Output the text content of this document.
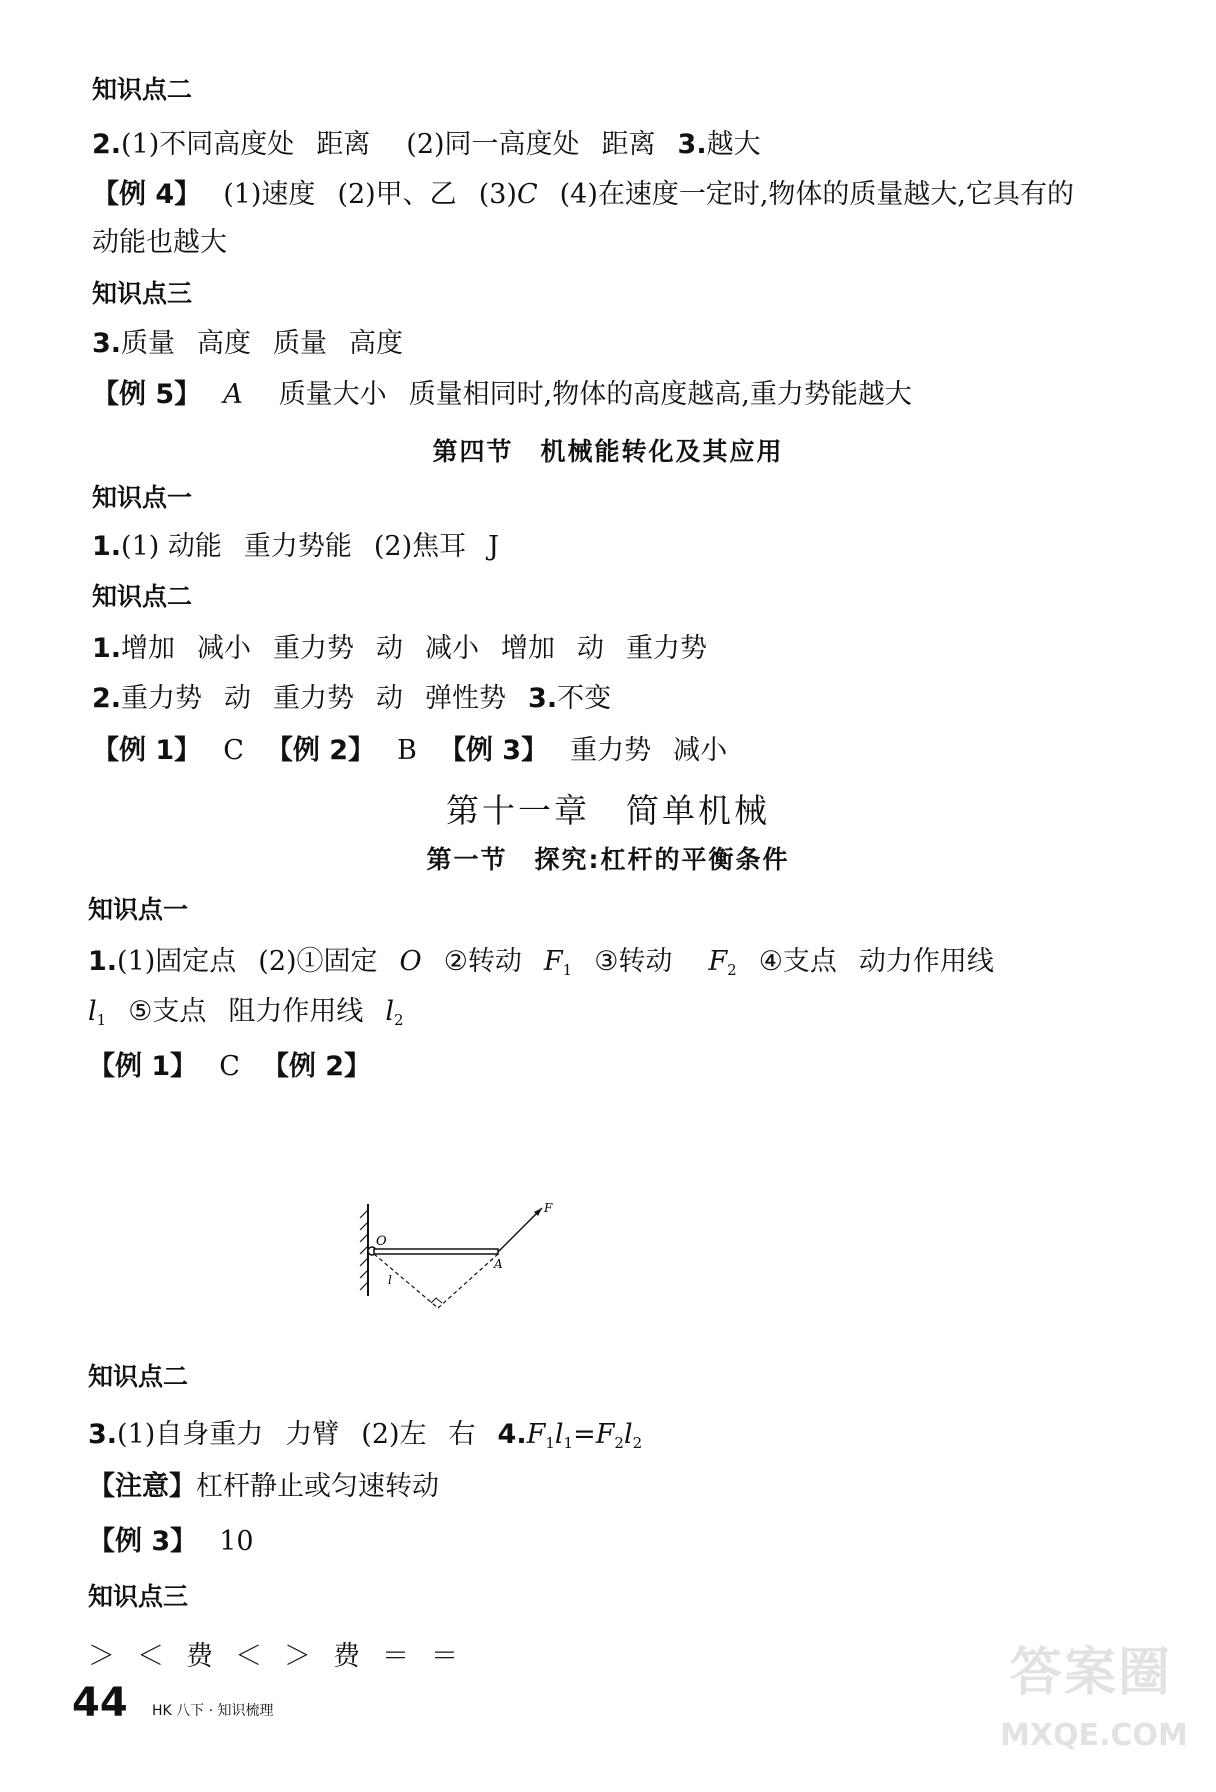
知识点二
2.(1)不同高度处 距离 (2)同一高度处 距离 3.越大
【例 4】 (1)速度 (2)甲、乙 (3)C (4)在速度一定时,物体的质量越大,它具有的
动能也越大
知识点三
3.质量 高度 质量 高度
【例 5】 A 质量大小 质量相同时,物体的高度越高,重力势能越大
第四节　机械能转化及其应用
知识点一
1.(1) 动能 重力势能 (2)焦耳 J
知识点二
1.增加 减小 重力势 动 减小 增加 动 重力势
2.重力势 动 重力势 动 弹性势 3.不变
【例 1】 C 【例 2】 B 【例 3】 重力势 减小
第十一章　简单机械
第一节　探究:杠杆的平衡条件
知识点一
1.(1)固定点 (2)①固定 O ②转动 $F_1$ ③转动 $F_2$ ④支点 动力作用线
$l_1$ ⑤支点 阻力作用线 $l_2$
【例 1】 C 【例 2】
O
A
F
l
知识点二
3.(1)自身重力 力臂 (2)左 右 $4.F_1l_1=F_2l_2$
【注意】杠杆静止或匀速转动
【例 3】 10
知识点三
＞ ＜ 费 ＜ ＞ 费 ＝ ＝
44 HK 八下 · 知识梳理
答案圈
MXQE.COM
